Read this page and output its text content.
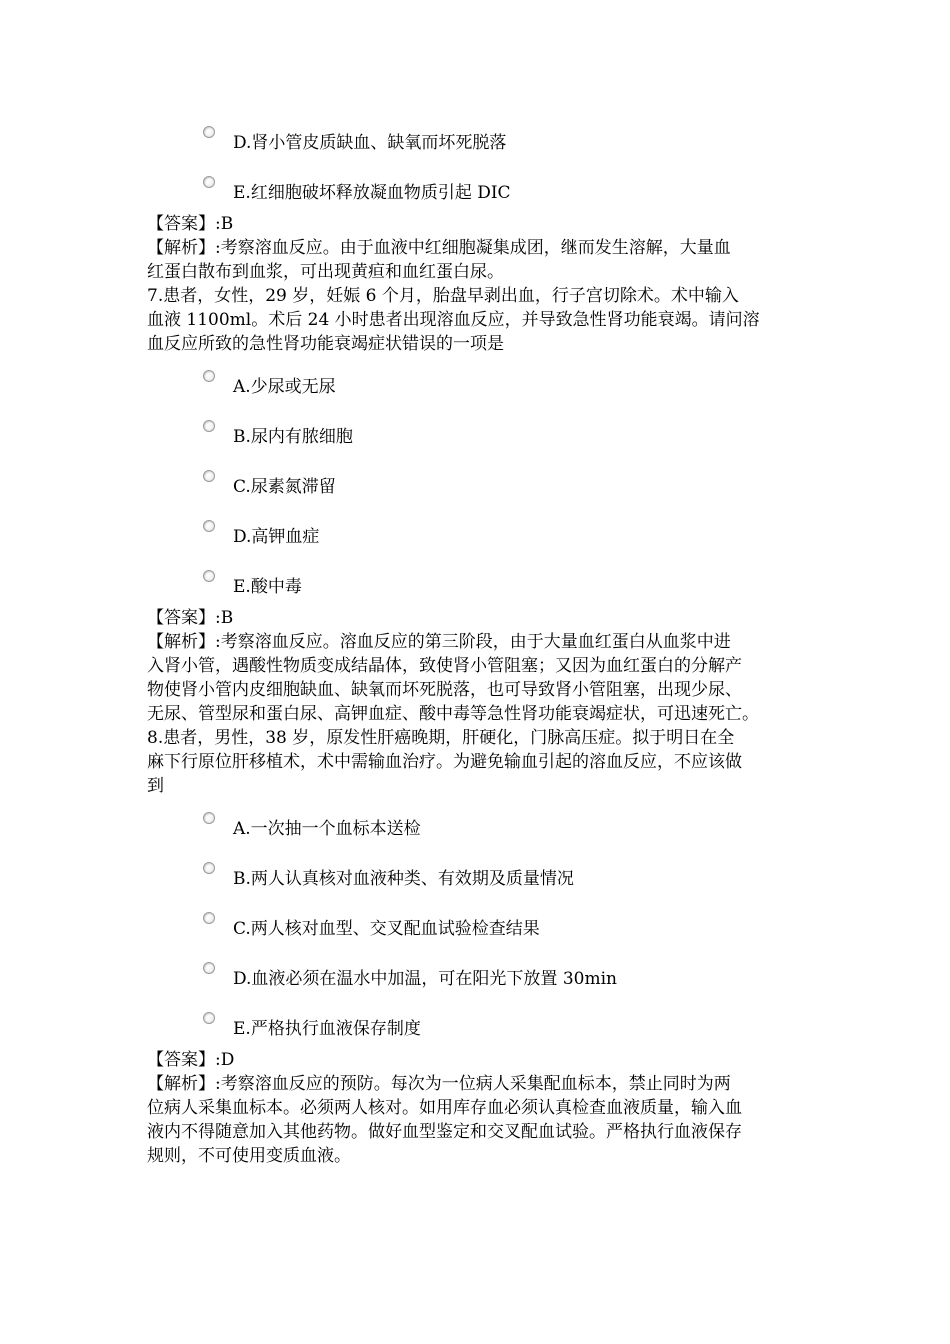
D.肾小管皮质缺血、缺氧而坏死脱落
E.红细胞破坏释放凝血物质引起 DIC

【答案】:B

【解析】:考察溶血反应。由于血液中红细胞凝集成团，继而发生溶解，大量血

红蛋白散布到血浆，可出现黄疸和血红蛋白尿。

7.患者，女性，29 岁，妊娠 6 个月，胎盘早剥出血，行子宫切除术。术中输入

血液 1100ml。术后 24 小时患者出现溶血反应，并导致急性肾功能衰竭。请问溶

血反应所致的急性肾功能衰竭症状错误的一项是

A.少尿或无尿
B.尿内有脓细胞
C.尿素氮滞留
D.高钾血症
E.酸中毒

【答案】:B

【解析】:考察溶血反应。溶血反应的第三阶段，由于大量血红蛋白从血浆中进

入肾小管，遇酸性物质变成结晶体，致使肾小管阻塞；又因为血红蛋白的分解产

物使肾小管内皮细胞缺血、缺氧而坏死脱落，也可导致肾小管阻塞，出现少尿、

无尿、管型尿和蛋白尿、高钾血症、酸中毒等急性肾功能衰竭症状，可迅速死亡。

8.患者，男性，38 岁，原发性肝癌晚期，肝硬化，门脉高压症。拟于明日在全

麻下行原位肝移植术，术中需输血治疗。为避免输血引起的溶血反应，不应该做

到

A.一次抽一个血标本送检
B.两人认真核对血液种类、有效期及质量情况
C.两人核对血型、交叉配血试验检查结果
D.血液必须在温水中加温，可在阳光下放置 30min
E.严格执行血液保存制度

【答案】:D

【解析】:考察溶血反应的预防。每次为一位病人采集配血标本，禁止同时为两

位病人采集血标本。必须两人核对。如用库存血必须认真检查血液质量，输入血

液内不得随意加入其他药物。做好血型鉴定和交叉配血试验。严格执行血液保存

规则，不可使用变质血液。
